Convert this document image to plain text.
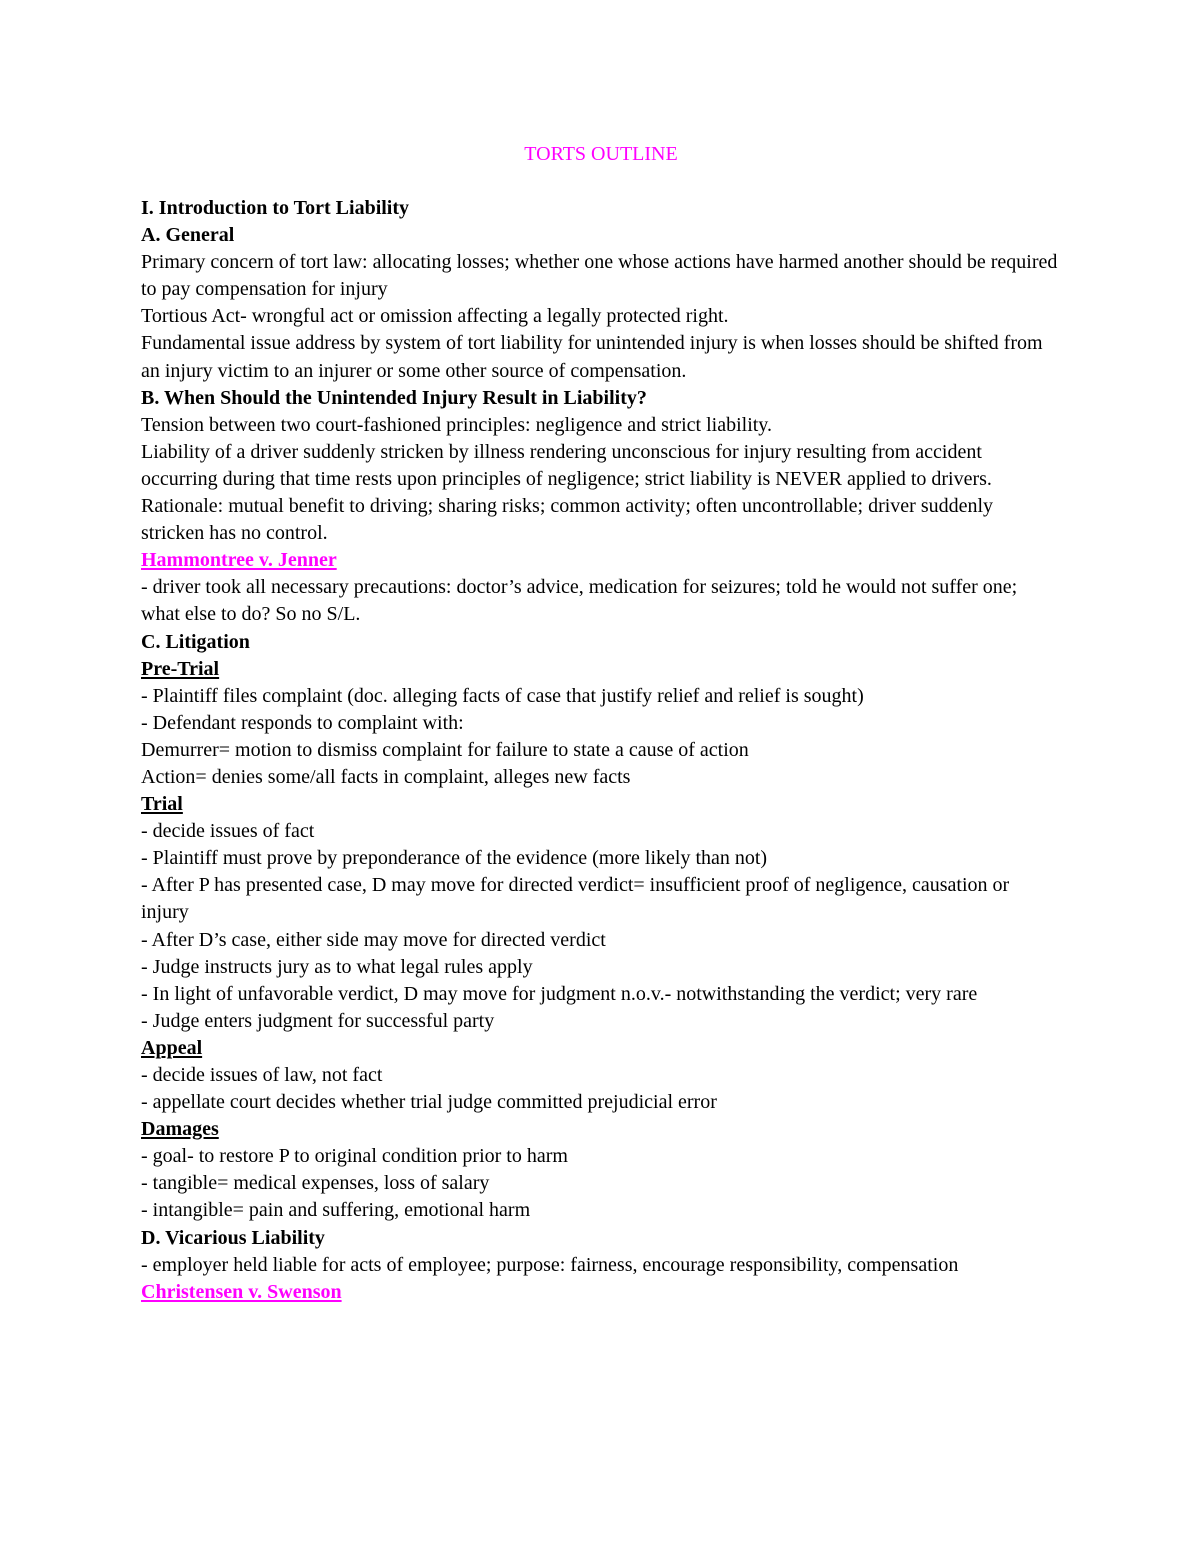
TORTS OUTLINE

I. Introduction to Tort Liability

A. General

Primary concern of tort law: allocating losses; whether one whose actions have harmed another should be required to pay compensation for injury

Tortious Act- wrongful act or omission affecting a legally protected right.

Fundamental issue address by system of tort liability for unintended injury is when losses should be shifted from an injury victim to an injurer or some other source of compensation.

B. When Should the Unintended Injury Result in Liability?

Tension between two court-fashioned principles: negligence and strict liability.

Liability of a driver suddenly stricken by illness rendering unconscious for injury resulting from accident occurring during that time rests upon principles of negligence; strict liability is NEVER applied to drivers.

Rationale: mutual benefit to driving; sharing risks; common activity; often uncontrollable; driver suddenly stricken has no control.

Hammontree v. Jenner

- driver took all necessary precautions: doctor’s advice, medication for seizures; told he would not suffer one; what else to do? So no S/L.

C. Litigation

Pre-Trial

- Plaintiff files complaint (doc. alleging facts of case that justify relief and relief is sought)

- Defendant responds to complaint with:

Demurrer= motion to dismiss complaint for failure to state a cause of action

Action= denies some/all facts in complaint, alleges new facts

Trial

- decide issues of fact

- Plaintiff must prove by preponderance of the evidence (more likely than not)

- After P has presented case, D may move for directed verdict= insufficient proof of negligence, causation or injury

- After D’s case, either side may move for directed verdict

- Judge instructs jury as to what legal rules apply

- In light of unfavorable verdict, D may move for judgment n.o.v.- notwithstanding the verdict; very rare

- Judge enters judgment for successful party

Appeal

- decide issues of law, not fact

- appellate court decides whether trial judge committed prejudicial error

Damages

- goal- to restore P to original condition prior to harm

- tangible= medical expenses, loss of salary

- intangible= pain and suffering, emotional harm

D. Vicarious Liability

- employer held liable for acts of employee; purpose: fairness, encourage responsibility, compensation

Christensen v. Swenson
